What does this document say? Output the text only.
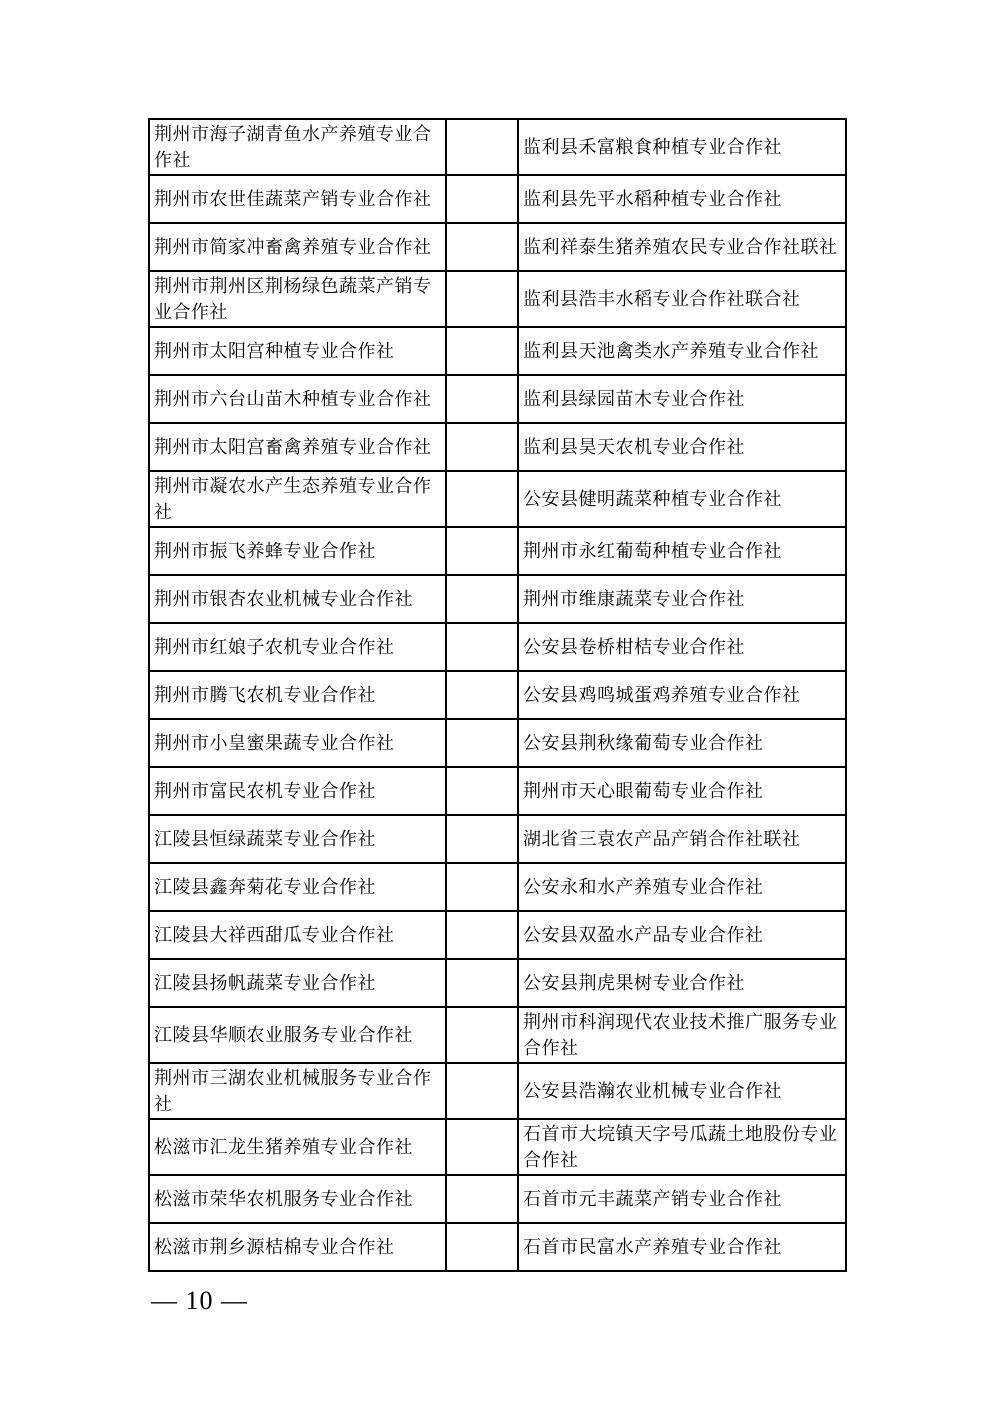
荆州市海子湖青鱼水产养殖专业合作社		监利县禾富粮食种植专业合作社
荆州市农世佳蔬菜产销专业合作社		监利县先平水稻种植专业合作社
荆州市简家冲畜禽养殖专业合作社		监利祥泰生猪养殖农民专业合作社联社
荆州市荆州区荆杨绿色蔬菜产销专业合作社		监利县浩丰水稻专业合作社联合社
荆州市太阳宫种植专业合作社		监利县天池禽类水产养殖专业合作社
荆州市六台山苗木种植专业合作社		监利县绿园苗木专业合作社
荆州市太阳宫畜禽养殖专业合作社		监利县昊天农机专业合作社
荆州市凝农水产生态养殖专业合作社		公安县健明蔬菜种植专业合作社
荆州市振飞养蜂专业合作社		荆州市永红葡萄种植专业合作社
荆州市银杏农业机械专业合作社		荆州市维康蔬菜专业合作社
荆州市红娘子农机专业合作社		公安县卷桥柑桔专业合作社
荆州市腾飞农机专业合作社		公安县鸡鸣城蛋鸡养殖专业合作社
荆州市小皇蜜果蔬专业合作社		公安县荆秋缘葡萄专业合作社
荆州市富民农机专业合作社		荆州市天心眼葡萄专业合作社
江陵县恒绿蔬菜专业合作社		湖北省三袁农产品产销合作社联社
江陵县鑫奔菊花专业合作社		公安永和水产养殖专业合作社
江陵县大祥西甜瓜专业合作社		公安县双盈水产品专业合作社
江陵县扬帆蔬菜专业合作社		公安县荆虎果树专业合作社
江陵县华顺农业服务专业合作社		荆州市科润现代农业技术推广服务专业合作社
荆州市三湖农业机械服务专业合作社		公安县浩瀚农业机械专业合作社
松滋市汇龙生猪养殖专业合作社		石首市大垸镇天字号瓜蔬土地股份专业合作社
松滋市荣华农机服务专业合作社		石首市元丰蔬菜产销专业合作社
松滋市荆乡源桔棉专业合作社		石首市民富水产养殖专业合作社
— 10 —
